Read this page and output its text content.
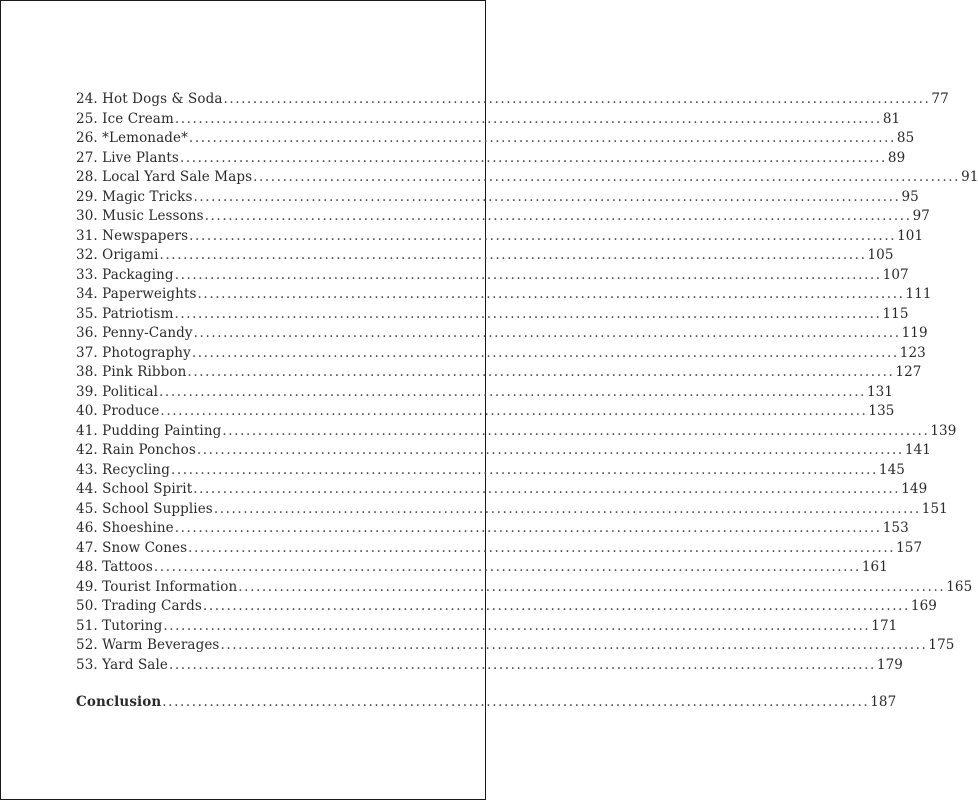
24. Hot Dogs & Soda ........................................................................................................................ 77
25. Ice Cream ........................................................................................................................ 81
26. *Lemonade* ........................................................................................................................ 85
27. Live Plants ........................................................................................................................ 89
28. Local Yard Sale Maps ........................................................................................................................ 91
29. Magic Tricks ........................................................................................................................ 95
30. Music Lessons ........................................................................................................................ 97
31. Newspapers ........................................................................................................................ 101
32. Origami ........................................................................................................................ 105
33. Packaging ........................................................................................................................ 107
34. Paperweights ........................................................................................................................ 111
35. Patriotism ........................................................................................................................ 115
36. Penny-Candy ........................................................................................................................ 119
37. Photography ........................................................................................................................ 123
38. Pink Ribbon ........................................................................................................................ 127
39. Political ........................................................................................................................ 131
40. Produce ........................................................................................................................ 135
41. Pudding Painting ........................................................................................................................ 139
42. Rain Ponchos ........................................................................................................................ 141
43. Recycling ........................................................................................................................ 145
44. School Spirit ........................................................................................................................ 149
45. School Supplies ........................................................................................................................ 151
46. Shoeshine ........................................................................................................................ 153
47. Snow Cones ........................................................................................................................ 157
48. Tattoos ........................................................................................................................ 161
49. Tourist Information ........................................................................................................................ 165
50. Trading Cards ........................................................................................................................ 169
51. Tutoring ........................................................................................................................ 171
52. Warm Beverages ........................................................................................................................ 175
53. Yard Sale ........................................................................................................................ 179
Conclusion ........................................................................................................................ 187
